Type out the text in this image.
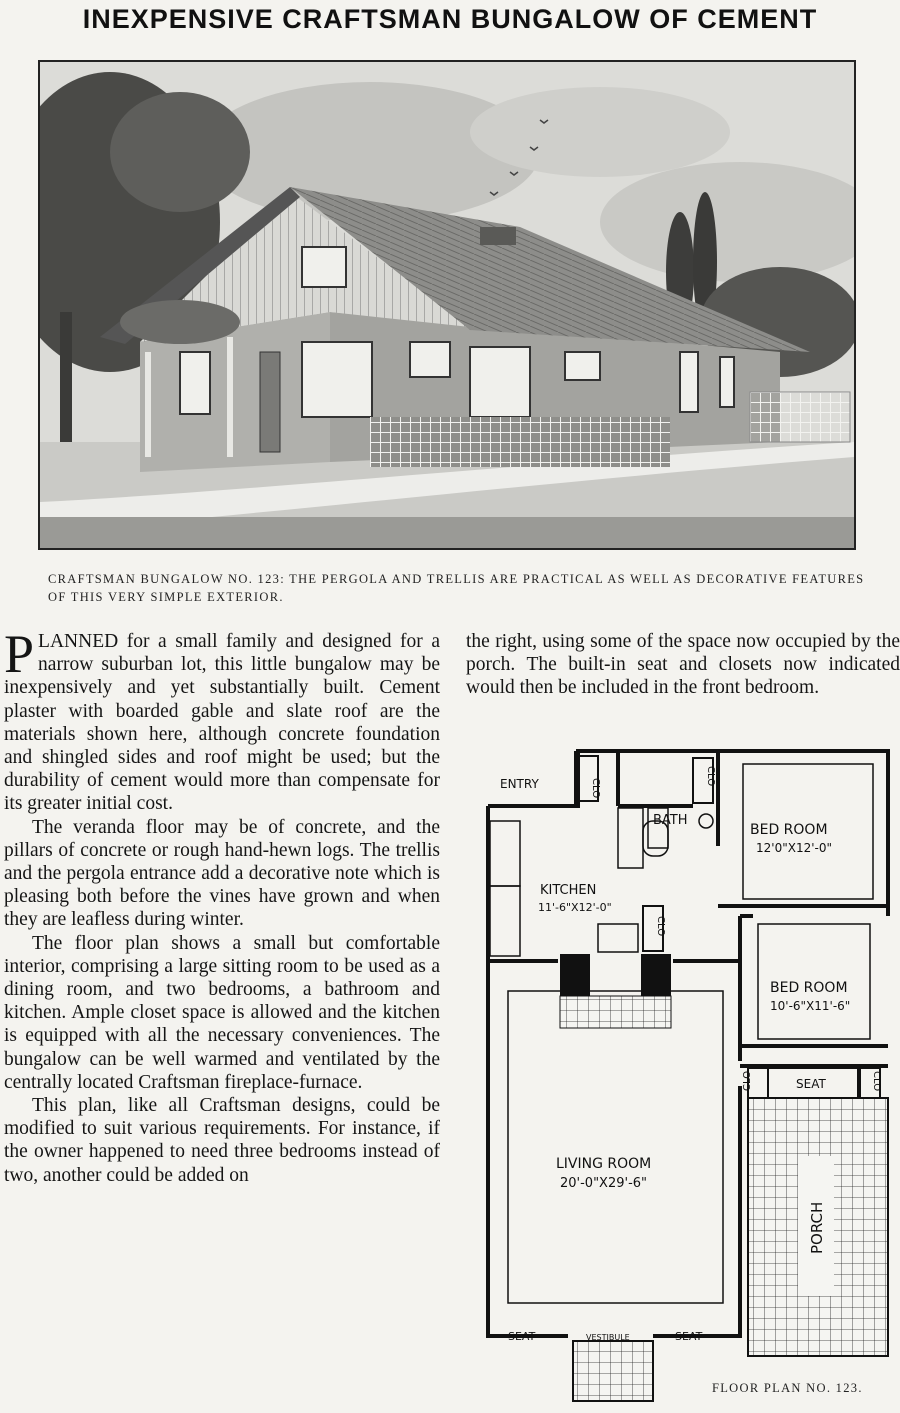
INEXPENSIVE CRAFTSMAN BUNGALOW OF CEMENT
CRAFTSMAN BUNGALOW NO. 123: THE PERGOLA AND TRELLIS ARE PRACTICAL AS WELL AS DECORATIVE FEATURES OF THIS VERY SIMPLE EXTERIOR.

PLANNED for a small family and designed for a narrow suburban lot, this little bungalow may be inexpensively and yet substantially built. Cement plaster with boarded gable and slate roof are the materials shown here, although concrete foundation and shingled sides and roof might be used; but the durability of cement would more than compensate for its greater initial cost.

The veranda floor may be of concrete, and the pillars of concrete or rough hand-hewn logs. The trellis and the pergola entrance add a decorative note which is pleasing both before the vines have grown and when they are leafless during winter.

The floor plan shows a small but comfortable interior, comprising a large sitting room to be used as a dining room, and two bedrooms, a bathroom and kitchen. Ample closet space is allowed and the kitchen is equipped with all the necessary conveniences. The bungalow can be well warmed and ventilated by the centrally located Craftsman fireplace-furnace.

This plan, like all Craftsman designs, could be modified to suit various requirements. For instance, if the owner happened to need three bedrooms instead of two, another could be added on

the right, using some of the space now occupied by the porch. The built-in seat and closets now indicated would then be included in the front bedroom.

ENTRY	CLO
CLO
CLO
CLO	CLO
BATH
BED ROOM
12'0"X12'-0"
BED ROOM
10'-6"X11'-6"
KITCHEN
11'-6"X12'-0"
SEAT
LIVING ROOM
20'-0"X29'-6"
PORCH
SEAT	SEAT
VESTIBULE
FLOOR PLAN NO. 123.
